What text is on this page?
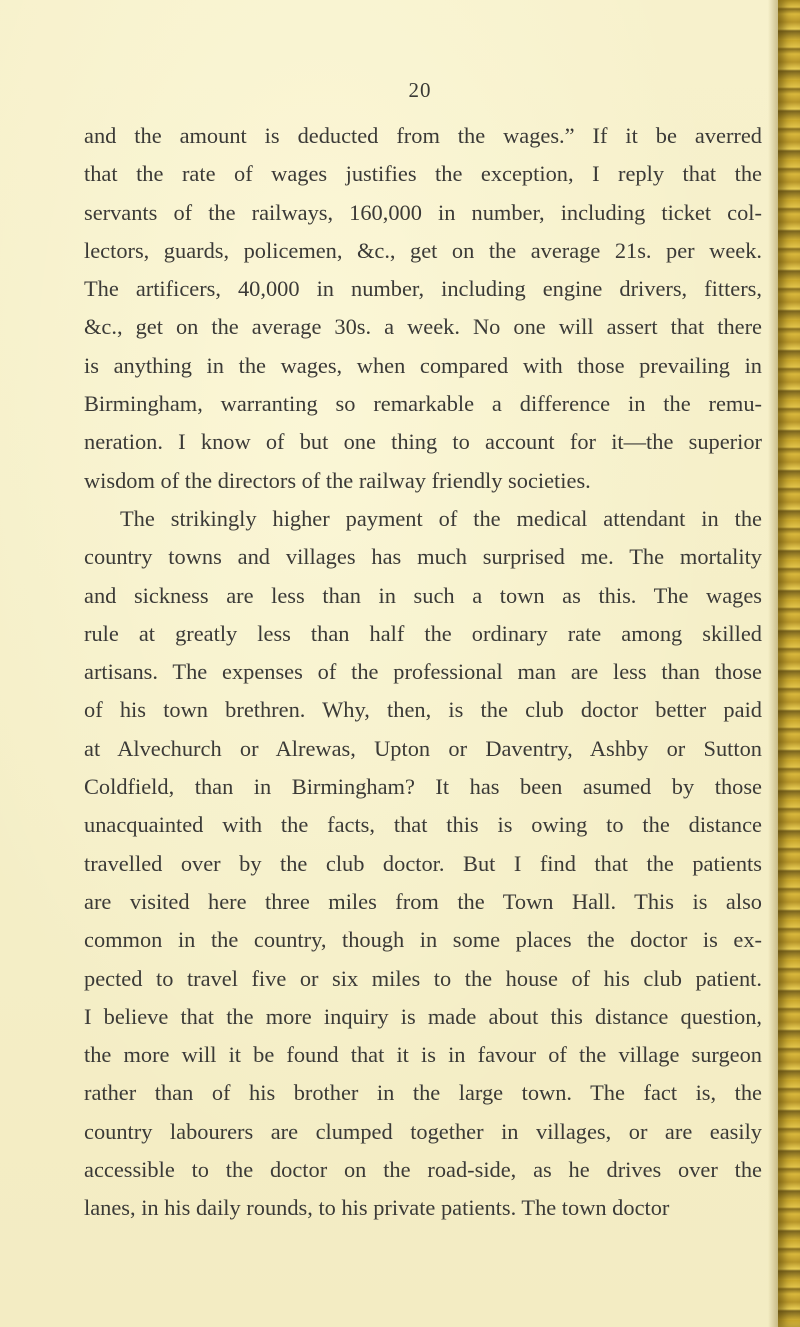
20
and the amount is deducted from the wages.” If it be averred
that the rate of wages justifies the exception, I reply that the
servants of the railways, 160,000 in number, including ticket col-
lectors, guards, policemen, &c., get on the average 21s. per week.
The artificers, 40,000 in number, including engine drivers, fitters,
&c., get on the average 30s. a week. No one will assert that there
is anything in the wages, when compared with those prevailing in
Birmingham, warranting so remarkable a difference in the remu-
neration. I know of but one thing to account for it—the superior
wisdom of the directors of the railway friendly societies.
The strikingly higher payment of the medical attendant in the
country towns and villages has much surprised me. The mortality
and sickness are less than in such a town as this. The wages
rule at greatly less than half the ordinary rate among skilled
artisans. The expenses of the professional man are less than those
of his town brethren. Why, then, is the club doctor better paid
at Alvechurch or Alrewas, Upton or Daventry, Ashby or Sutton
Coldfield, than in Birmingham? It has been asumed by those
unacquainted with the facts, that this is owing to the distance
travelled over by the club doctor. But I find that the patients
are visited here three miles from the Town Hall. This is also
common in the country, though in some places the doctor is ex-
pected to travel five or six miles to the house of his club patient.
I believe that the more inquiry is made about this distance question,
the more will it be found that it is in favour of the village surgeon
rather than of his brother in the large town. The fact is, the
country labourers are clumped together in villages, or are easily
accessible to the doctor on the road-side, as he drives over the
lanes, in his daily rounds, to his private patients. The town doctor
